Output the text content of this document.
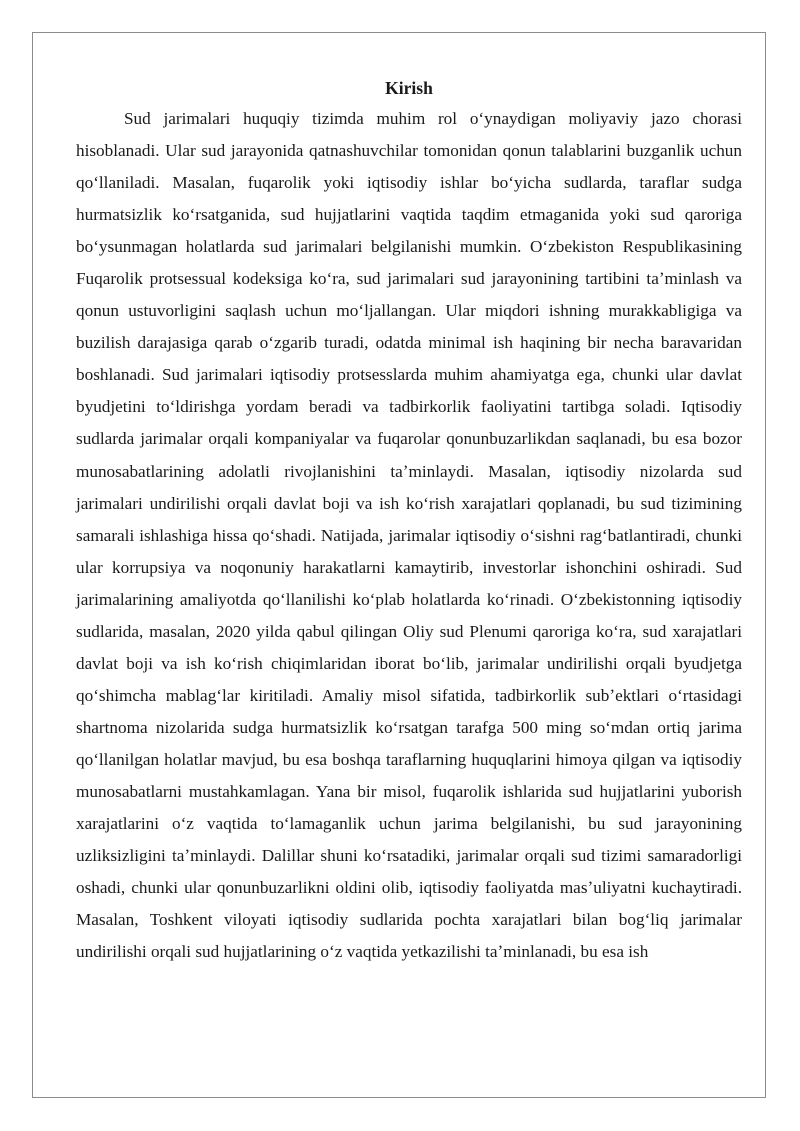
Kirish

Sud jarimalari huquqiy tizimda muhim rol oʻynaydigan moliyaviy jazo chorasi hisoblanadi. Ular sud jarayonida qatnashuvchilar tomonidan qonun talablarini buzganlik uchun qoʻllaniladi. Masalan, fuqarolik yoki iqtisodiy ishlar boʻyicha sudlarda, taraflar sudga hurmatsizlik koʻrsatganida, sud hujjatlarini vaqtida taqdim etmaganida yoki sud qaroriga boʻysunmagan holatlarda sud jarimalari belgilanishi mumkin. Oʻzbekiston Respublikasining Fuqarolik protsessual kodeksiga koʻra, sud jarimalari sud jarayonining tartibini taʼminlash va qonun ustuvorligini saqlash uchun moʻljallangan. Ular miqdori ishning murakkabligiga va buzilish darajasiga qarab oʻzgarib turadi, odatda minimal ish haqining bir necha baravaridan boshlanadi. Sud jarimalari iqtisodiy protsesslarda muhim ahamiyatga ega, chunki ular davlat byudjetini toʻldirishga yordam beradi va tadbirkorlik faoliyatini tartibga soladi. Iqtisodiy sudlarda jarimalar orqali kompaniyalar va fuqarolar qonunbuzarlikdan saqlanadi, bu esa bozor munosabatlarining adolatli rivojlanishini taʼminlaydi. Masalan, iqtisodiy nizolarda sud jarimalari undirilishi orqali davlat boji va ish koʻrish xarajatlari qoplanadi, bu sud tizimining samarali ishlashiga hissa qoʻshadi. Natijada, jarimalar iqtisodiy oʻsishni ragʻbatlantiradi, chunki ular korrupsiya va noqonuniy harakatlarni kamaytirib, investorlar ishonchini oshiradi. Sud jarimalarining amaliyotda qoʻllanilishi koʻplab holatlarda koʻrinadi. Oʻzbekistonning iqtisodiy sudlarida, masalan, 2020 yilda qabul qilingan Oliy sud Plenumi qaroriga koʻra, sud xarajatlari davlat boji va ish koʻrish chiqimlaridan iborat boʻlib, jarimalar undirilishi orqali byudjetga qoʻshimcha mablagʻlar kiritiladi. Amaliy misol sifatida, tadbirkorlik subʼektlari oʻrtasidagi shartnoma nizolarida sudga hurmatsizlik koʻrsatgan tarafga 500 ming soʻmdan ortiq jarima qoʻllanilgan holatlar mavjud, bu esa boshqa taraflarning huquqlarini himoya qilgan va iqtisodiy munosabatlarni mustahkamlagan. Yana bir misol, fuqarolik ishlarida sud hujjatlarini yuborish xarajatlarini oʻz vaqtida toʻlamaganlik uchun jarima belgilanishi, bu sud jarayonining uzliksizligini taʼminlaydi. Dalillar shuni koʻrsatadiki, jarimalar orqali sud tizimi samaradorligi oshadi, chunki ular qonunbuzarlikni oldini olib, iqtisodiy faoliyatda masʼuliyatni kuchaytiradi. Masalan, Toshkent viloyati iqtisodiy sudlarida pochta xarajatlari bilan bogʻliq jarimalar undirilishi orqali sud hujjatlarining oʻz vaqtida yetkazilishi taʼminlanadi, bu esa ish
